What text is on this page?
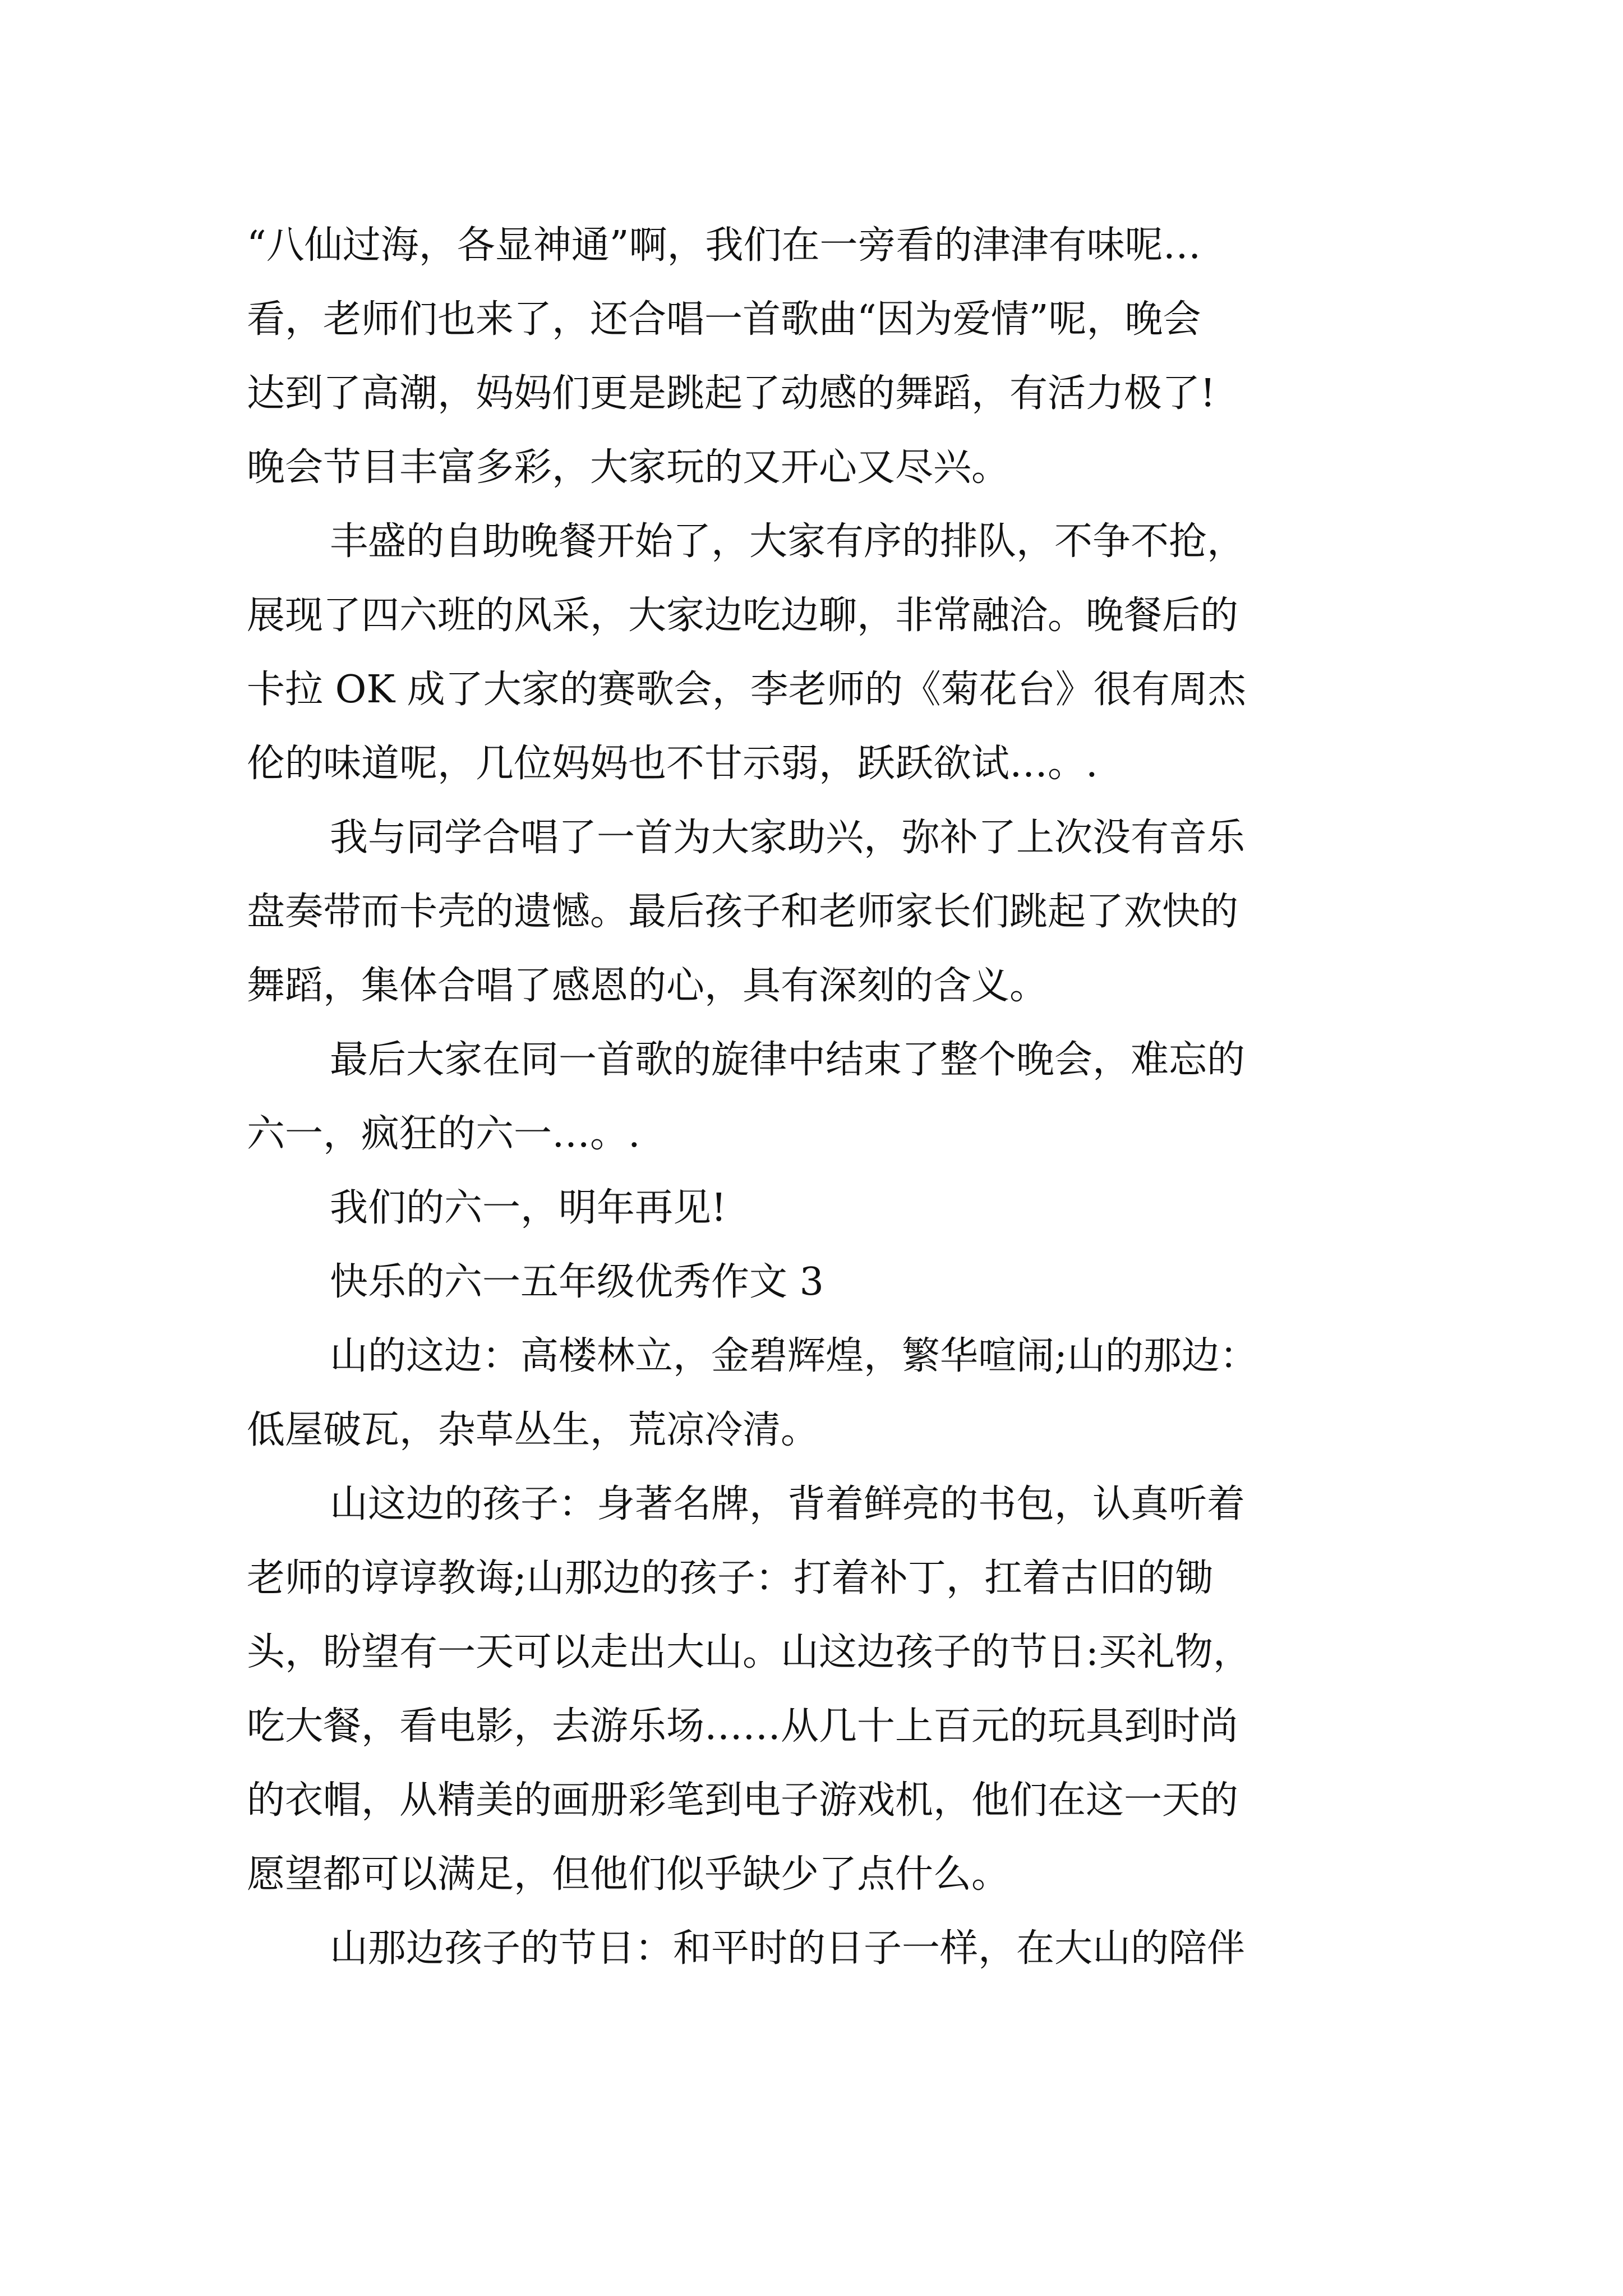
“八仙过海，各显神通”啊，我们在一旁看的津津有味呢…
看，老师们也来了，还合唱一首歌曲“因为爱情”呢，晚会
达到了高潮，妈妈们更是跳起了动感的舞蹈，有活力极了!
晚会节目丰富多彩，大家玩的又开心又尽兴。
丰盛的自助晚餐开始了，大家有序的排队，不争不抢，
展现了四六班的风采，大家边吃边聊，非常融洽。晚餐后的
卡拉 OK 成了大家的赛歌会，李老师的《菊花台》很有周杰
伦的味道呢，几位妈妈也不甘示弱，跃跃欲试…。.
我与同学合唱了一首为大家助兴，弥补了上次没有音乐
盘奏带而卡壳的遗憾。最后孩子和老师家长们跳起了欢快的
舞蹈，集体合唱了感恩的心，具有深刻的含义。
最后大家在同一首歌的旋律中结束了整个晚会，难忘的
六一，疯狂的六一…。.
我们的六一，明年再见!
快乐的六一五年级优秀作文 3
山的这边：高楼林立，金碧辉煌，繁华喧闹;山的那边：
低屋破瓦，杂草丛生，荒凉冷清。
山这边的孩子：身著名牌，背着鲜亮的书包，认真听着
老师的谆谆教诲;山那边的孩子：打着补丁，扛着古旧的锄
头，盼望有一天可以走出大山。山这边孩子的节日:买礼物，
吃大餐，看电影，去游乐场……从几十上百元的玩具到时尚
的衣帽，从精美的画册彩笔到电子游戏机，他们在这一天的
愿望都可以满足，但他们似乎缺少了点什么。
山那边孩子的节日：和平时的日子一样，在大山的陪伴
